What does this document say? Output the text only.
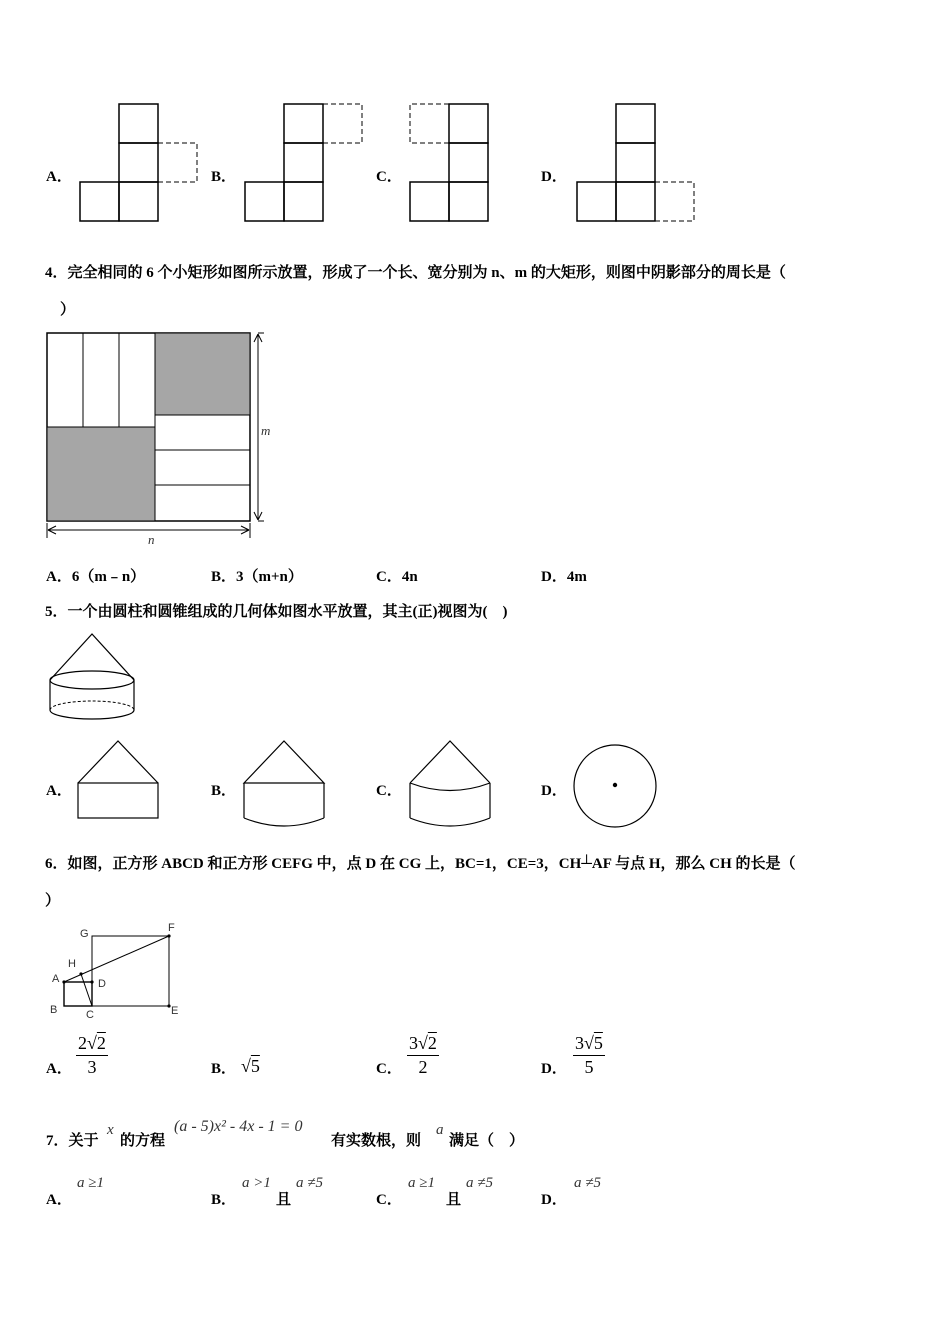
A．	B．	C．	D．
4．完全相同的 6 个小矩形如图所示放置，形成了一个长、宽分别为 n、m 的大矩形，则图中阴影部分的周长是（
）
m
n
A．6（m﹣n）	B．3（m+n）	C．4n	D．4m
5．一个由圆柱和圆锥组成的几何体如图水平放置，其主(正)视图为(　)
A．	B．	C．	D．
6．如图，正方形 ABCD 和正方形 CEFG 中，点 D 在 CG 上，BC=1，CE=3，CH┴AF 与点 H，那么 CH 的长是（
）
G	F
H
A	D
B	C	E
A． $\frac{2√2}{3}$	B． √5	C． $\frac{3√2}{2}$	D． $\frac{3√5}{5}$
7．关于
x
的方程
(a - 5)x² - 4x - 1 = 0
有实数根，则
a
满足（　）
A．
a ≥1
B．
a >1
且
a ≠5
C．
a ≥1
且
a ≠5
D．
a ≠5
